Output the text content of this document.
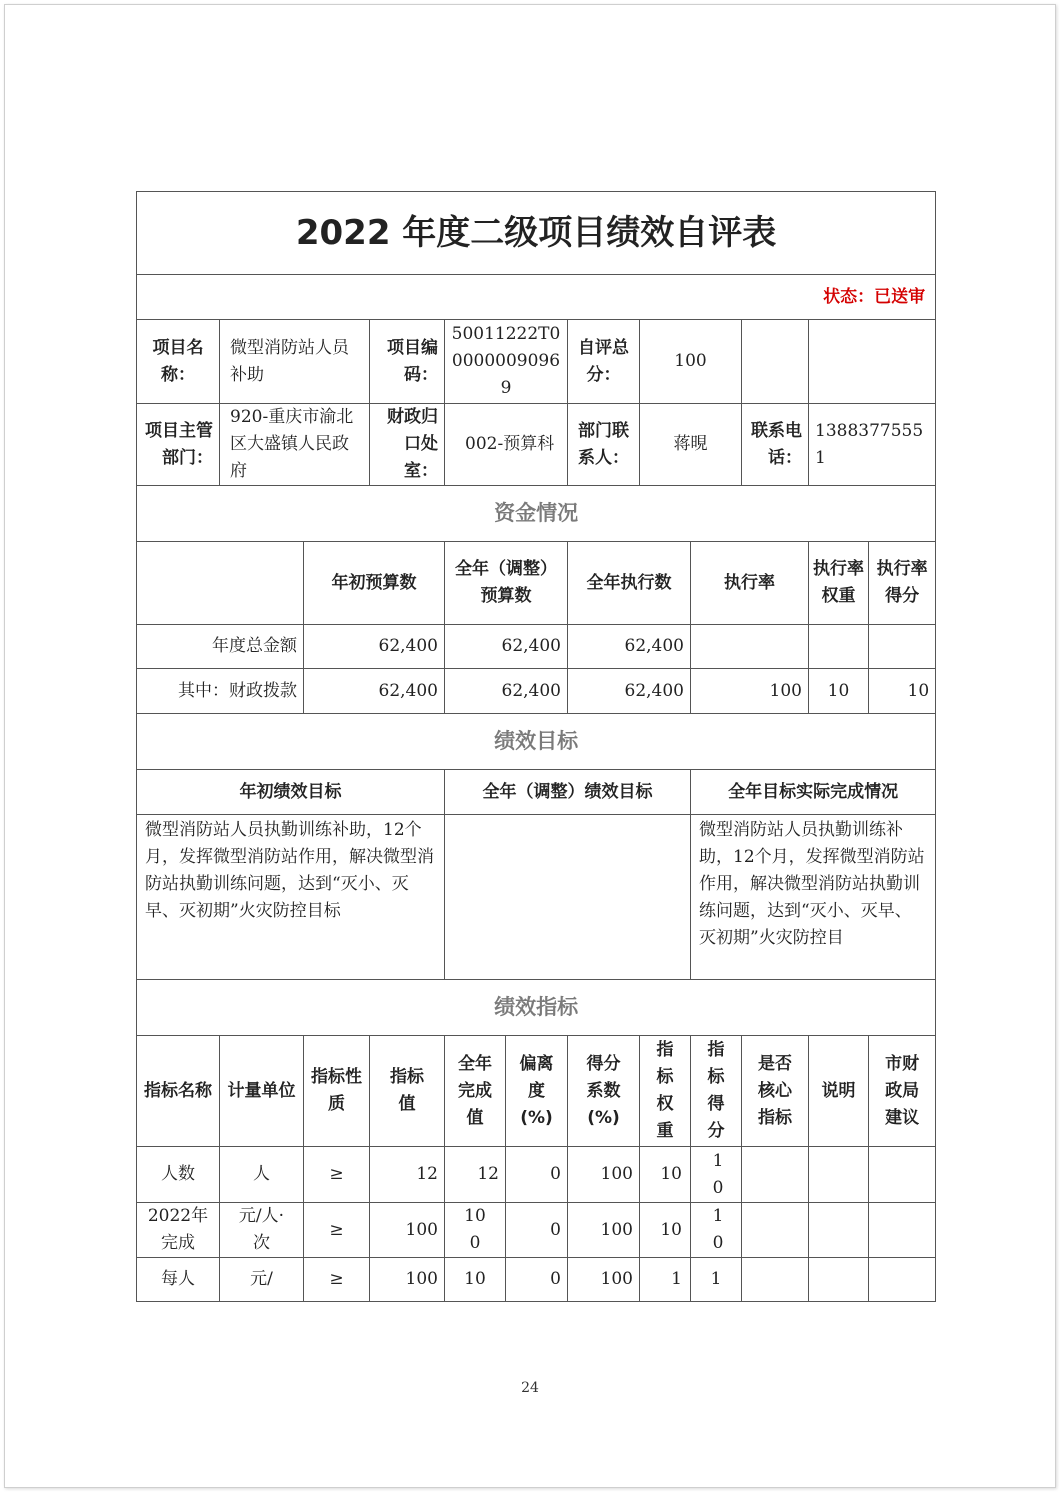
2022 年度二级项目绩效自评表											
状态：已送审											
项目名称：	微型消防站人员补助		项目编码：	50011222T000000090969		自评总分：	100				
项目主管部门：	920-重庆市渝北区大盛镇人民政府		财政归口处室：	002-预算科		部门联系人：	蒋晛		联系电话：	13883775551	
资金情况											
		年初预算数		全年（调整）预算数		全年执行数		执行率		执行率权重	执行率得分
年度总金额		62,400		62,400		62,400					
其中：财政拨款		62,400		62,400		62,400		100		10	10
绩效目标											
年初绩效目标				全年（调整）绩效目标				全年目标实际完成情况			
微型消防站人员执勤训练补助，12个月，发挥微型消防站作用，解决微型消防站执勤训练问题，达到“灭小、灭早、灭初期”火灾防控目标								微型消防站人员执勤训练补助，12个月，发挥微型消防站作用，解决微型消防站执勤训练问题，达到“灭小、灭早、灭初期”火灾防控目			
绩效指标											
指标名称	计量单位	指标性质	指标值	全年完成值	偏离度(%)	得分系数(%)	指标权重	指标得分	是否核心指标	说明	市财政局建议
人数	人	≥	12	12	0	100	10	10			
2022年完成	元/人·次	≥	100	100	0	100	10	10			
每人	元/	≥	100	10	0	100	1	1			
24
